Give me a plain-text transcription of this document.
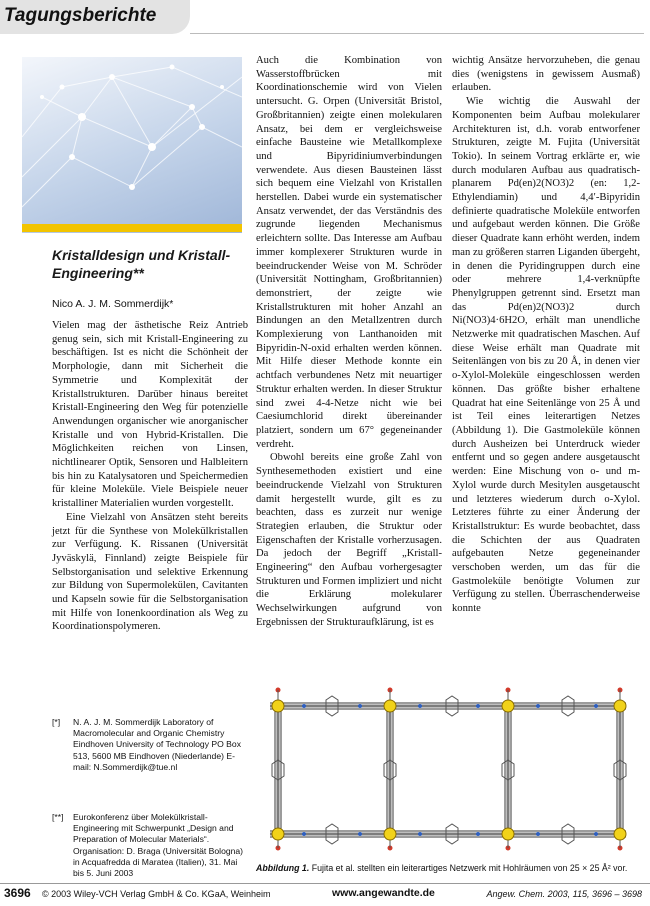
Tagungsberichte
Kristalldesign und Kristall-Engineering**
Nico A. J. M. Sommerdijk*

Vielen mag der ästhetische Reiz Antrieb genug sein, sich mit Kristall-Engineering zu beschäftigen. Ist es nicht die Schönheit der Morphologie, dann mit Sicherheit die Symmetrie und Komplexität der Kristallstrukturen. Darüber hinaus bereitet Kristall-Engineering den Weg für potenzielle Anwendungen organischer wie anorganischer Kristalle und von Hybrid-Kristallen. Die Möglichkeiten reichen von Linsen, nichtlinearer Optik, Sensoren und Halbleitern bis hin zu Katalysatoren und Speichermedien für kleine Moleküle. Viele Beispiele neuer kristalliner Materialien wurden vorgestellt.

Eine Vielzahl von Ansätzen steht bereits jetzt für die Synthese von Molekülkristallen zur Verfügung. K. Rissanen (Universität Jyväskylä, Finnland) zeigte Beispiele für Selbstorganisation und selektive Erkennung zur Bildung von Supermolekülen, Cavitanten und Kapseln sowie für die Selbstorganisation mit Hilfe von Ionenkoordination als Weg zu Koordinationspolymeren.

Auch die Kombination von Wasserstoffbrücken mit Koordinationschemie wird von Vielen untersucht. G. Orpen (Universität Bristol, Großbritannien) zeigte einen molekularen Ansatz, bei dem er vergleichsweise einfache Bausteine wie Metallkomplexe und Bipyridiniumverbindungen verwendete. Aus diesen Bausteinen lässt sich bequem eine Vielzahl von Kristallen herstellen. Dabei wurde ein systematischer Ansatz verwendet, der das Verständnis des zugrunde liegenden Mechanismus erleichtern sollte. Das Interesse am Aufbau immer komplexerer Strukturen wurde in beeindruckender Weise von M. Schröder (Universität Nottingham, Großbritannien) demonstriert, der zeigte wie Kristallstrukturen mit hoher Anzahl an Bindungen an den Metallzentren durch Komplexierung von Lanthanoiden mit Bipyridin-N-oxid erhalten werden können. Mit Hilfe dieser Methode konnte ein achtfach verbundenes Netz mit neuartiger Struktur erhalten werden. In dieser Struktur sind zwei 4-4-Netze nicht wie bei Caesiumchlorid direkt übereinander platziert, sondern um 67° gegeneinander verdreht.

Obwohl bereits eine große Zahl von Synthesemethoden existiert und eine beeindruckende Vielzahl von Strukturen damit hergestellt wurde, gilt es zu beachten, dass es zurzeit nur wenige Strategien erlauben, die Struktur oder Eigenschaften der Kristalle vorherzusagen. Da jedoch der Begriff „Kristall-Engineering“ den Aufbau vorhergesagter Strukturen und Formen impliziert und nicht die Erklärung molekularer Wechselwirkungen aufgrund von Ergebnissen der Strukturaufklärung, ist es

wichtig Ansätze hervorzuheben, die genau dies (wenigstens in gewissem Ausmaß) erlauben.

Wie wichtig die Auswahl der Komponenten beim Aufbau molekularer Architekturen ist, d.h. vorab entworfener Strukturen, zeigte M. Fujita (Universität Tokio). In seinem Vortrag erklärte er, wie durch modularen Aufbau aus quadratisch-planarem Pd(en)2(NO3)2 (en: 1,2-Ethylendiamin) und 4,4′-Bipyridin definierte quadratische Moleküle entworfen und aufgebaut werden können. Die Größe dieser Quadrate kann erhöht werden, indem man zu größeren starren Liganden übergeht, in denen die Pyridingruppen durch eine oder mehrere 1,4-verknüpfte Phenylgruppen getrennt sind. Ersetzt man das Pd(en)2(NO3)2 durch Ni(NO3)4·6H2O, erhält man unendliche Netzwerke mit quadratischen Maschen. Auf diese Weise erhält man Quadrate mit Seitenlängen von bis zu 20 Å, in denen vier o-Xylol-Moleküle eingeschlossen werden können. Das größte bisher erhaltene Quadrat hat eine Seitenlänge von 25 Å und ist Teil eines leiterartigen Netzes (Abbildung 1). Die Gastmoleküle können durch Ausheizen bei Unterdruck wieder entfernt und so gegen andere ausgetauscht werden: Eine Mischung von o- und m-Xylol wurde durch Mesitylen ausgetauscht und letzteres wiederum durch o-Xylol. Letzteres führte zu einer Änderung der Kristallstruktur: Es wurde beobachtet, dass die Schichten der aus Quadraten aufgebauten Netze gegeneinander verschoben werden, um das für die Gastmoleküle benötigte Volumen zur Verfügung zu stellen. Überraschenderweise konnte

[*] N. A. J. M. Sommerdijk Laboratory of Macromolecular and Organic Chemistry Eindhoven University of Technology PO Box 513, 5600 MB Eindhoven (Niederlande) E-mail: N.Sommerdijk@tue.nl
[**] Eurokonferenz über Molekülkristall-Engineering mit Schwerpunkt „Design and Preparation of Molecular Materials“. Organisation: D. Braga (Universität Bologna) in Acquafredda di Maratea (Italien), 31. Mai bis 5. Juni 2003
Abbildung 1. Fujita et al. stellten ein leiterartiges Netzwerk mit Hohlräumen von 25 × 25 Å² vor.
3696 © 2003 Wiley-VCH Verlag GmbH & Co. KGaA, Weinheim	www.angewandte.de	Angew. Chem. 2003, 115, 3696 – 3698
